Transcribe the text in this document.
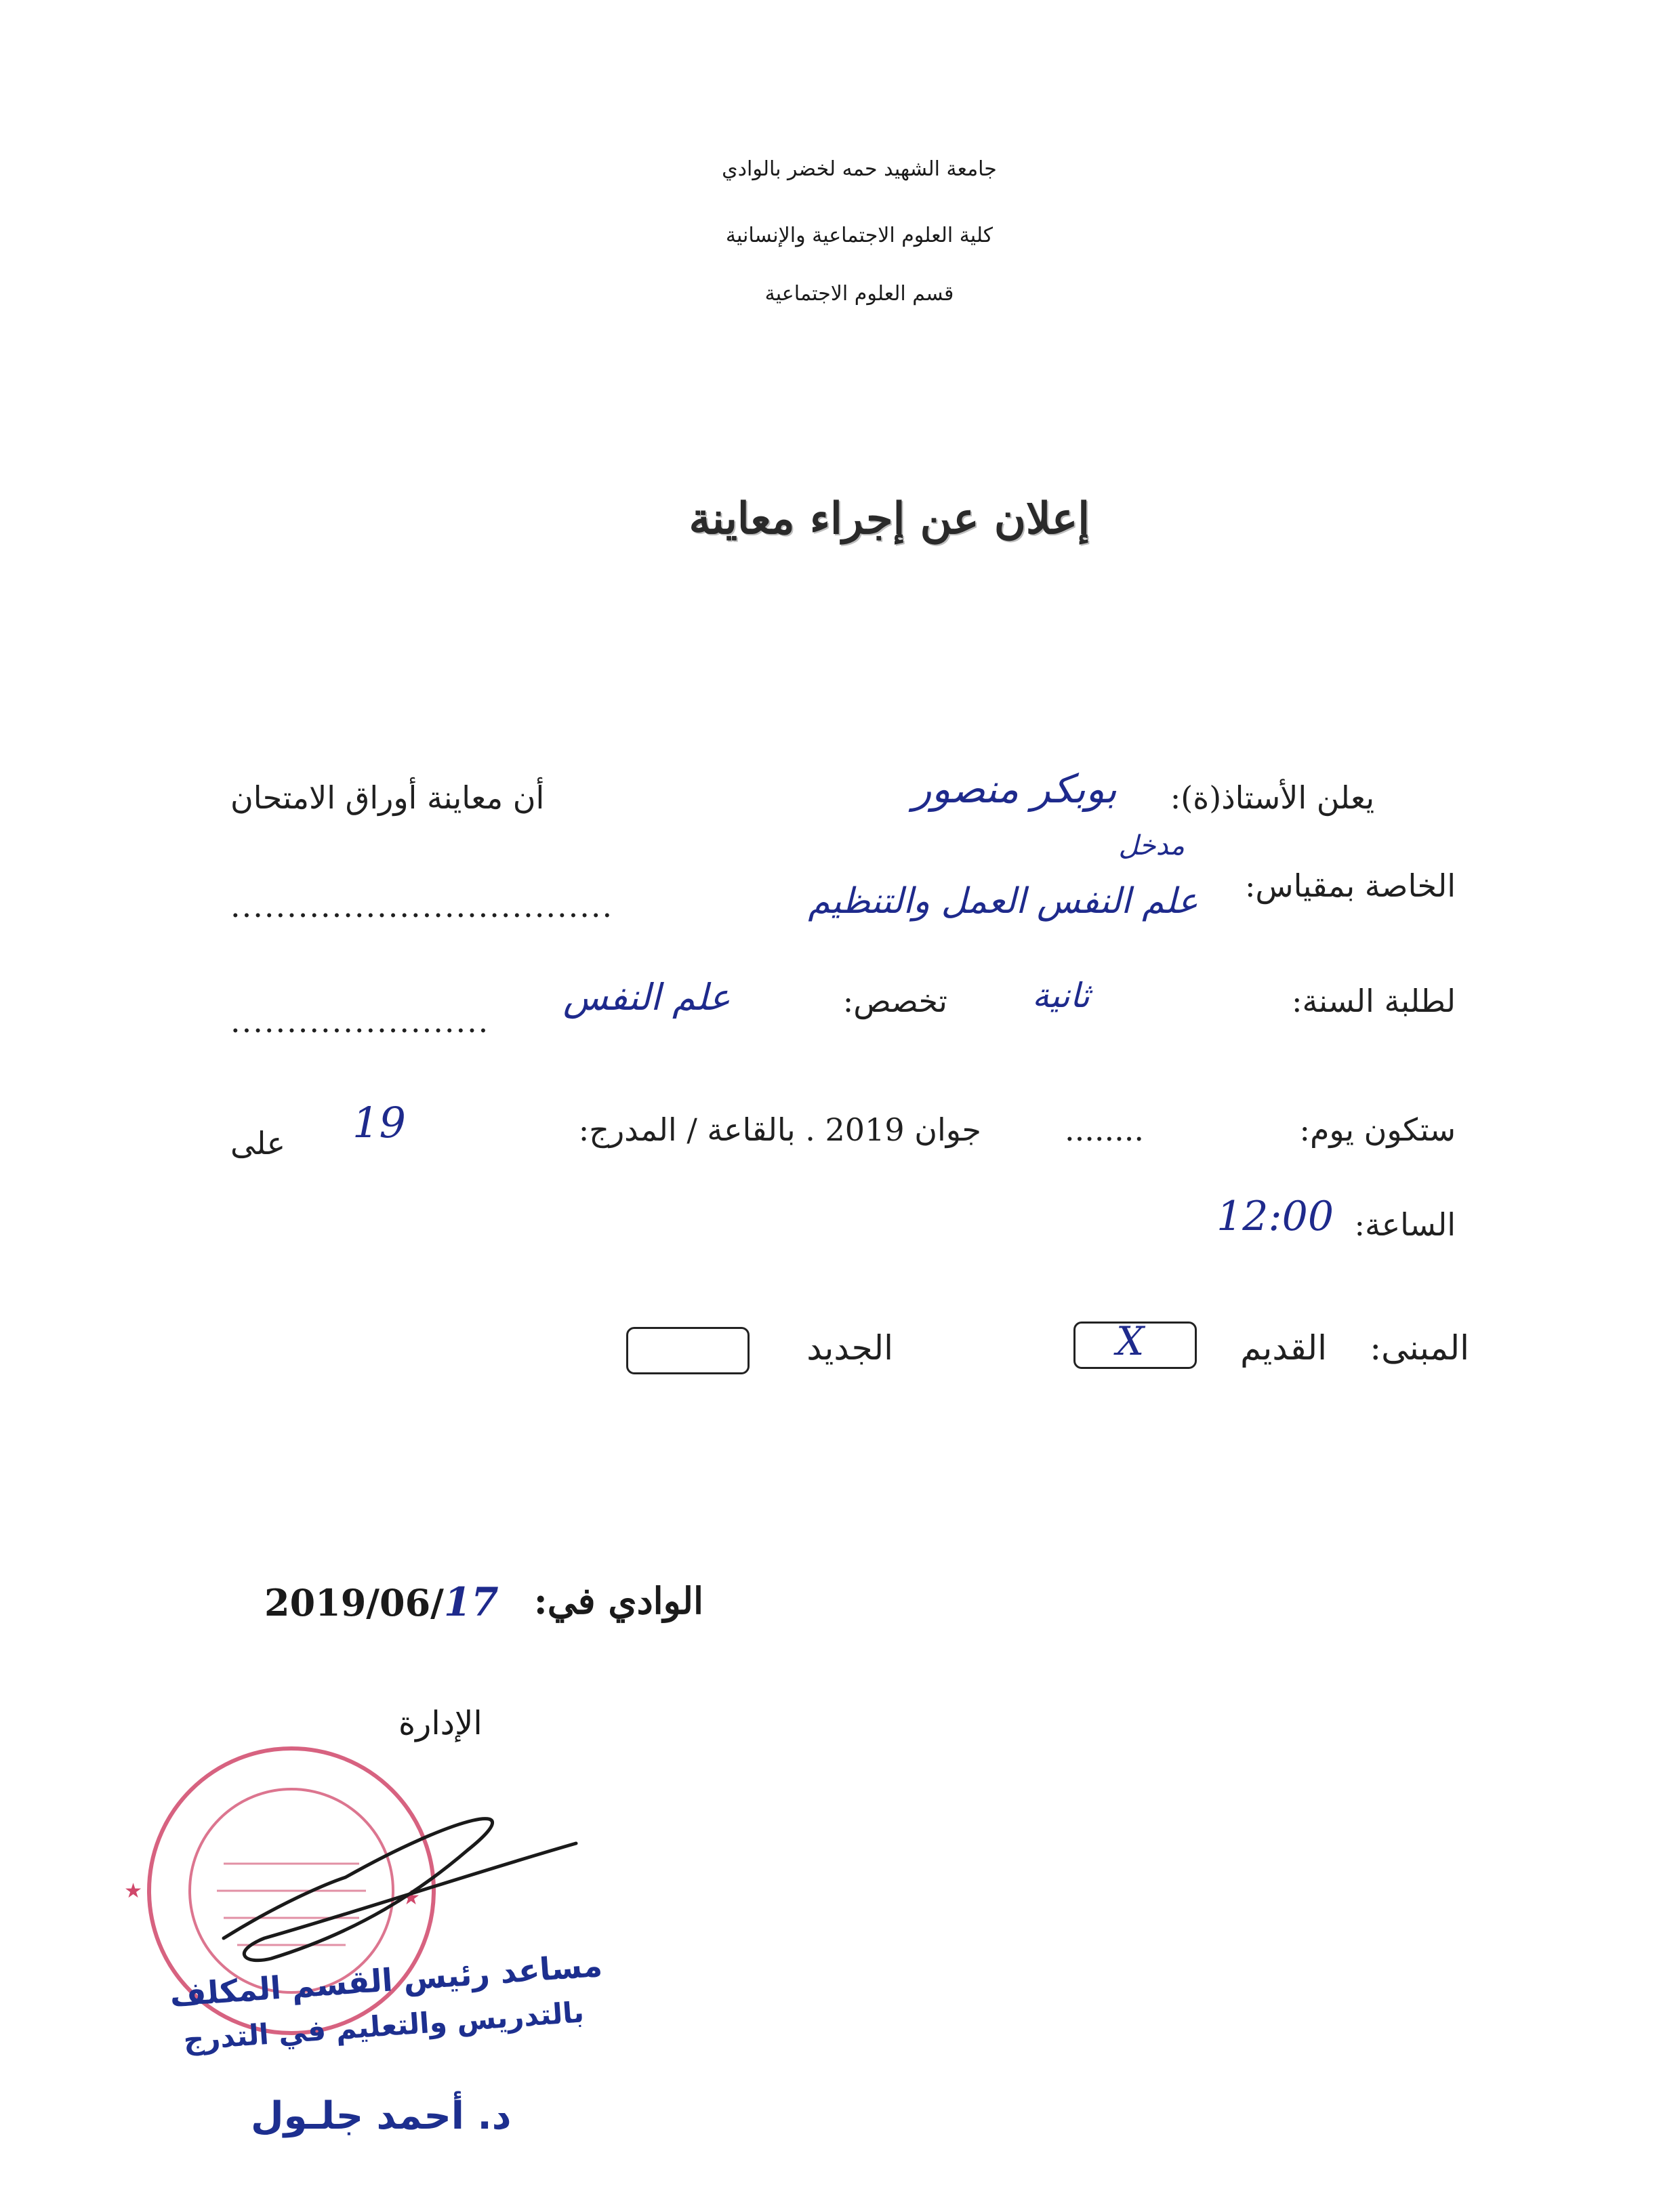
جامعة الشهيد حمه لخضر بالوادي
كلية العلوم الاجتماعية والإنسانية
قسم العلوم الاجتماعية
إعلان عن إجراء معاينة
يعلن الأستاذ(ة):
بوبكر منصور
أن معاينة أوراق الامتحان
مدخل
الخاصة بمقياس:
علم النفس العمل والتنظيم
..................................
لطلبة السنة:
ثانية
تخصص:
علم النفس
.......................
ستكون يوم:
........
جوان 2019 . بالقاعة / المدرج:
19
على
الساعة:
12:00
المبنى:
القديم
X
الجديد
الوادي في:
2019/06/17
الإدارة
★	★
مساعد رئيس القسم المكلف
بالتدريس والتعليم في التدرج
د. أحمد جلـول
